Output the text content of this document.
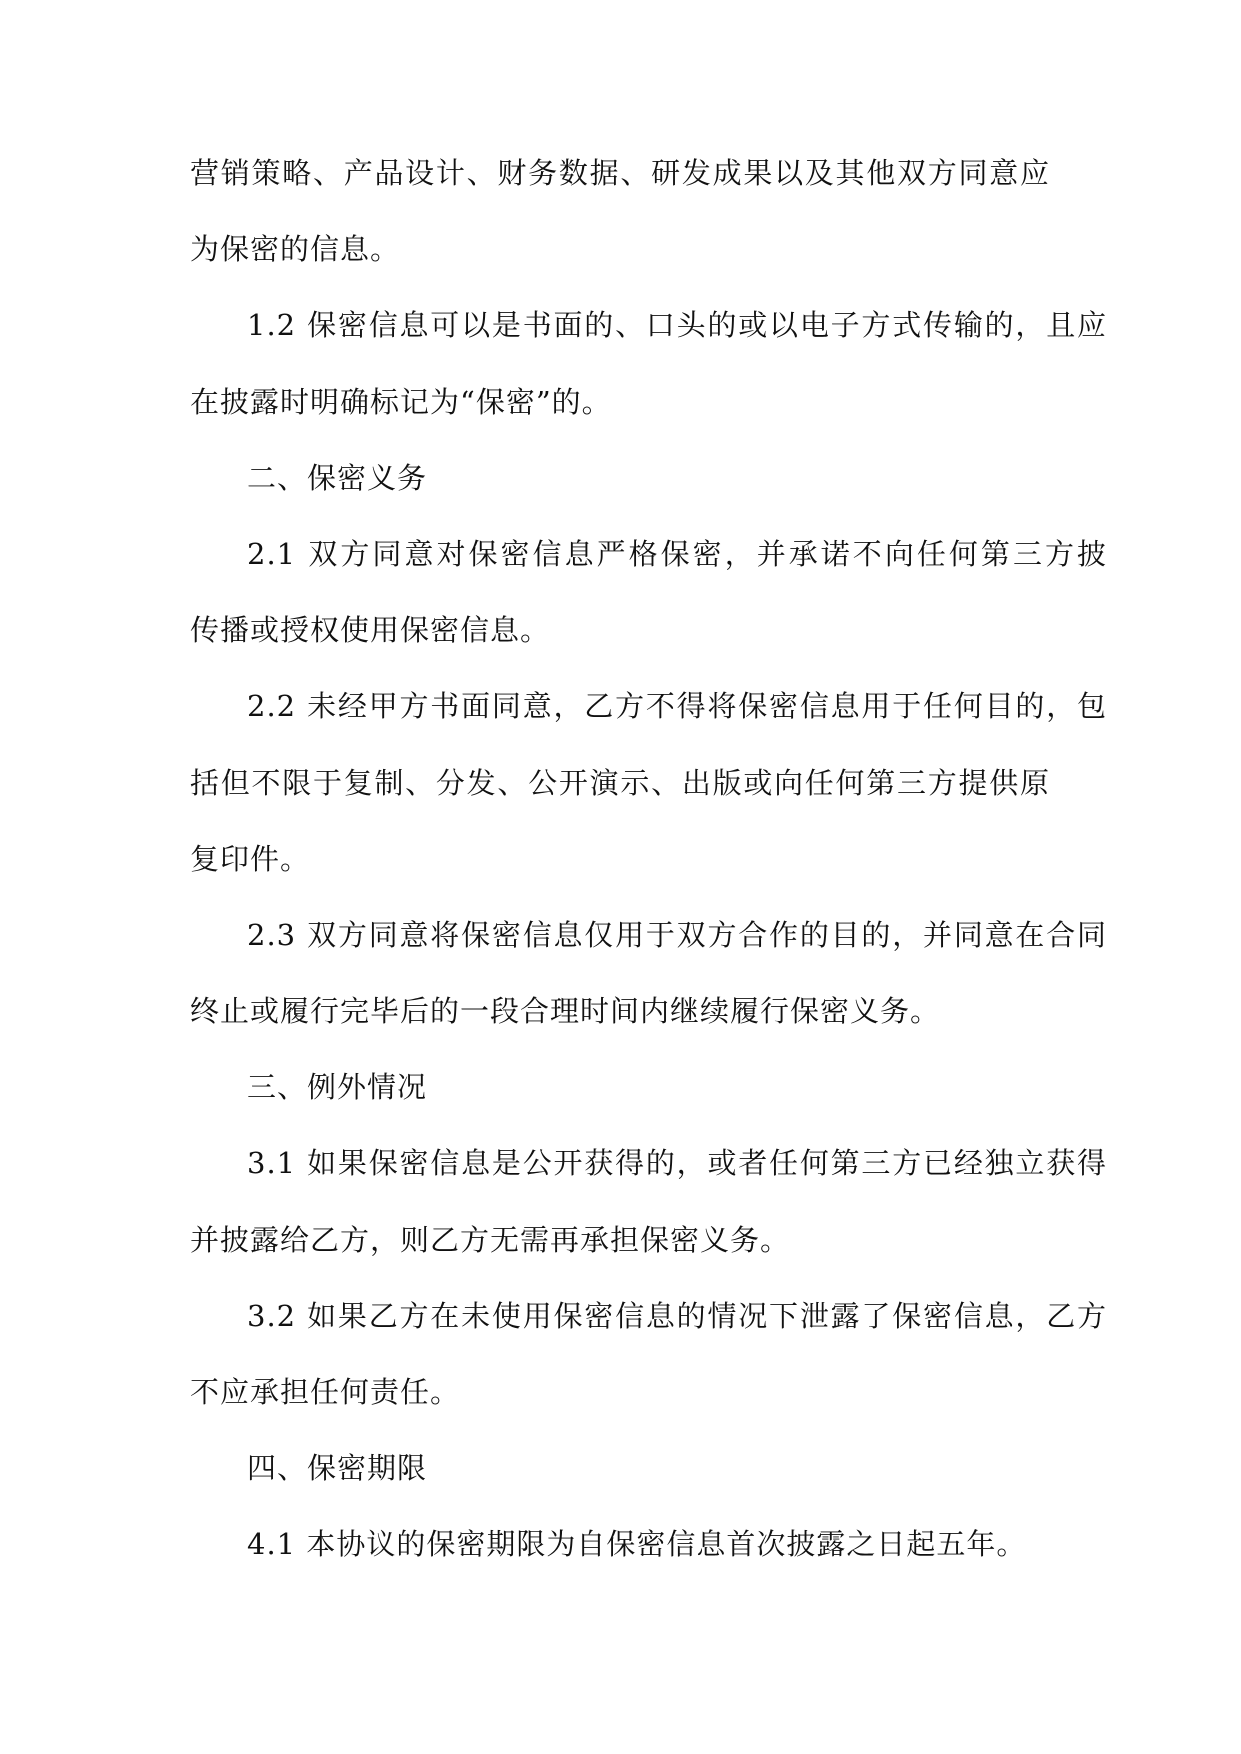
营销策略、产品设计、财务数据、研发成果以及其他双方同意应
为保密的信息。
1.2 保密信息可以是书面的、口头的或以电子方式传输的，且应
在披露时明确标记为“保密”的。
二、保密义务
2.1 双方同意对保密信息严格保密，并承诺不向任何第三方披
传播或授权使用保密信息。
2.2 未经甲方书面同意，乙方不得将保密信息用于任何目的，包
括但不限于复制、分发、公开演示、出版或向任何第三方提供原
复印件。
2.3 双方同意将保密信息仅用于双方合作的目的，并同意在合同
终止或履行完毕后的一段合理时间内继续履行保密义务。
三、例外情况
3.1 如果保密信息是公开获得的，或者任何第三方已经独立获得
并披露给乙方，则乙方无需再承担保密义务。
3.2 如果乙方在未使用保密信息的情况下泄露了保密信息，乙方
不应承担任何责任。
四、保密期限
4.1 本协议的保密期限为自保密信息首次披露之日起五年。
